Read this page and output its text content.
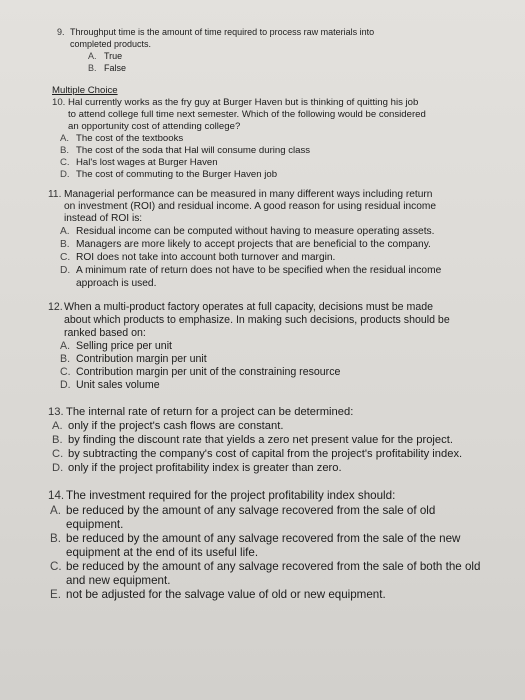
9. Throughput time is the amount of time required to process raw materials into
completed products.
A. True
B. False
Multiple Choice
10. Hal currently works as the fry guy at Burger Haven but is thinking of quitting his job
to attend college full time next semester. Which of the following would be considered
an opportunity cost of attending college?
A. The cost of the textbooks
B. The cost of the soda that Hal will consume during class
C. Hal's lost wages at Burger Haven
D. The cost of commuting to the Burger Haven job
11. Managerial performance can be measured in many different ways including return
on investment (ROI) and residual income. A good reason for using residual income
instead of ROI is:
A. Residual income can be computed without having to measure operating assets.
B. Managers are more likely to accept projects that are beneficial to the company.
C. ROI does not take into account both turnover and margin.
D. A minimum rate of return does not have to be specified when the residual income
approach is used.
12. When a multi-product factory operates at full capacity, decisions must be made
about which products to emphasize. In making such decisions, products should be
ranked based on:
A. Selling price per unit
B. Contribution margin per unit
C. Contribution margin per unit of the constraining resource
D. Unit sales volume
13. The internal rate of return for a project can be determined:
A. only if the project's cash flows are constant.
B. by finding the discount rate that yields a zero net present value for the project.
C. by subtracting the company's cost of capital from the project's profitability index.
D. only if the project profitability index is greater than zero.
14. The investment required for the project profitability index should:
A. be reduced by the amount of any salvage recovered from the sale of old
equipment.
B. be reduced by the amount of any salvage recovered from the sale of the new
equipment at the end of its useful life.
C. be reduced by the amount of any salvage recovered from the sale of both the old
and new equipment.
E. not be adjusted for the salvage value of old or new equipment.
